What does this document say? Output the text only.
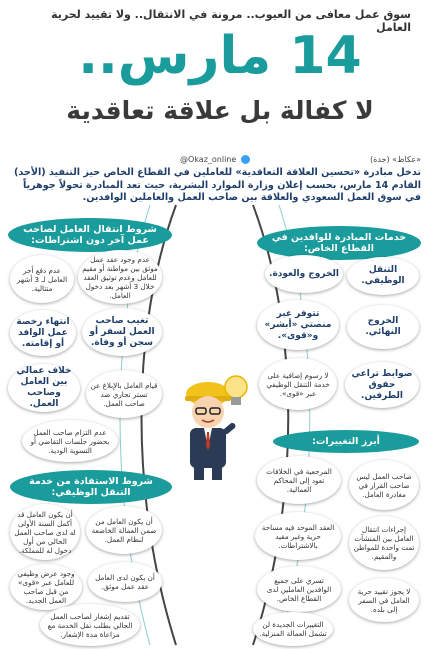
سوق عمل معافى من العيوب.. مرونة في الانتقال.. ولا تقييد لحرية العامل
14 مارس..
لا كفالة بل علاقة تعاقدية
«عكاظ» (جدة)
@Okaz_online
تدخل مبادرة «تحسين العلاقة التعاقدية» للعاملين في القطاع الخاص حيز التنفيذ (الأحد) القادم 14 مارس، بحسب إعلان وزارة الموارد البشرية، حيث تعد المبادرة تحولاً جوهرياً في سوق العمل السعودي والعلاقة بين صاحب العمل والعاملين الوافدين.
خدمات المبادرة للوافدين في القطاع الخاص:
التنقل الوظيفي.
الخروج والعودة.
الخروج النهائي.
تتوفر عبر منصتي «أبشر» و«قوى».
ضوابط تراعي حقوق الطرفين.
لا رسوم إضافية على خدمة التنقل الوظيفي عبر «قوى».
شروط انتقال العامل لصاحب عمل آخر دون اشتراطات:
عدم دفع أجر العامل لـ 3 أشهر متتالية.
عدم وجود عقد عمل موثق بين مواطنة أو مقيم للعامل وعدم توثيق العقد خلال 3 أشهر بعد دخول العامل.
انتهاء رخصة عمل الوافد أو إقامته.
تغيب صاحب العمل لسفر أو سجن أو وفاة.
خلاف عمالي بين العامل وصاحب العمل.
قيام العامل بالإبلاغ عن تستر تجاري ضد صاحب العمل.
عدم التزام صاحب العمل بحضور جلسات التقاضي أو التسوية الودية.
أبرز التغييرات:
صاحب العمل ليس صاحب القرار في مغادرة العامل.
المرجعية في الخلافات تعود إلى المحاكم العمالية.
إجراءات انتقال العامل بين المنشآت تمت واحدة للمواطن والمقيم.
العقد الموحد فيه مساحة حرية وغير مقيد بالاشتراطات.
لا يجوز تقييد حرية العامل في السفر إلى بلده.
تسري على جميع الوافدين العاملين لدى القطاع الخاص.
التغييرات الجديدة لن تشمل العمالة المنزلية.
شروط الاستفادة من خدمة التنقل الوظيفي:
أن يكون العامل قد أكمل السنة الأولى له لدى صاحب العمل الحالي من أول دخول له للمملكة.
أن يكون العامل من ضمن العمالة الخاضعة لنظام العمل.
وجود عرض وظيفي للعامل عبر «قوى» من قبل صاحب العمل الجديد.
أن يكون لدى العامل عقد عمل موثق.
تقديم إشعار لصاحب العمل الحالي بطلب نقل الخدمة مع مراعاة مدة الإشعار.
